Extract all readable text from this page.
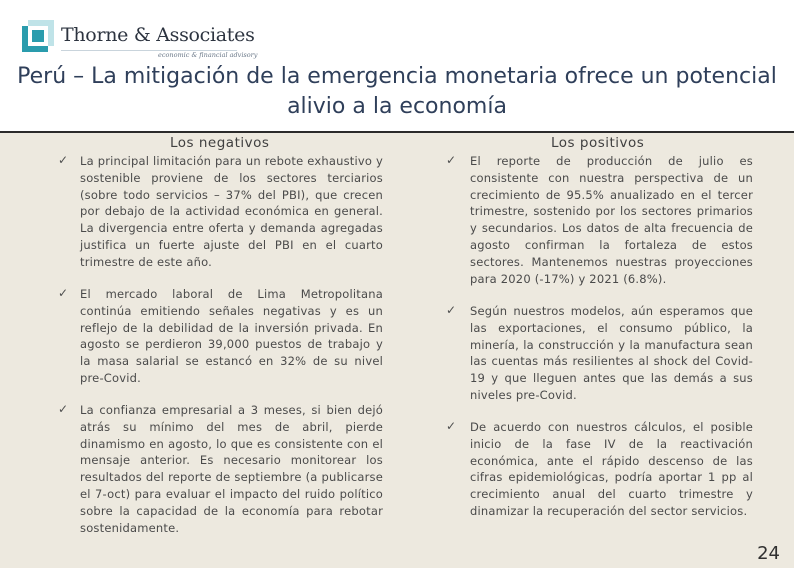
Thorne & Associates
economic & financial advisory
Perú – La mitigación de la emergencia monetaria ofrece un potencial alivio a la economía
Los negativos	Los positivos
✓ La principal limitación para un rebote exhaustivo y sostenible proviene de los sectores terciarios (sobre todo servicios – 37% del PBI), que crecen por debajo de la actividad económica en general. La divergencia entre oferta y demanda agregadas justifica un fuerte ajuste del PBI en el cuarto trimestre de este año.
✓ El mercado laboral de Lima Metropolitana continúa emitiendo señales negativas y es un reflejo de la debilidad de la inversión privada. En agosto se perdieron 39,000 puestos de trabajo y la masa salarial se estancó en 32% de su nivel pre-Covid.
✓ La confianza empresarial a 3 meses, si bien dejó atrás su mínimo del mes de abril, pierde dinamismo en agosto, lo que es consistente con el mensaje anterior. Es necesario monitorear los resultados del reporte de septiembre (a publicarse el 7-oct) para evaluar el impacto del ruido político sobre la capacidad de la economía para rebotar sostenidamente.
✓ El reporte de producción de julio es consistente con nuestra perspectiva de un crecimiento de 95.5% anualizado en el tercer trimestre, sostenido por los sectores primarios y secundarios. Los datos de alta frecuencia de agosto confirman la fortaleza de estos sectores. Mantenemos nuestras proyecciones para 2020 (-17%) y 2021 (6.8%).
✓ Según nuestros modelos, aún esperamos que las exportaciones, el consumo público, la minería, la construcción y la manufactura sean las cuentas más resilientes al shock del Covid-19 y que lleguen antes que las demás a sus niveles pre-Covid.
✓ De acuerdo con nuestros cálculos, el posible inicio de la fase IV de la reactivación económica, ante el rápido descenso de las cifras epidemiológicas, podría aportar 1 pp al crecimiento anual del cuarto trimestre y dinamizar la recuperación del sector servicios.
24
